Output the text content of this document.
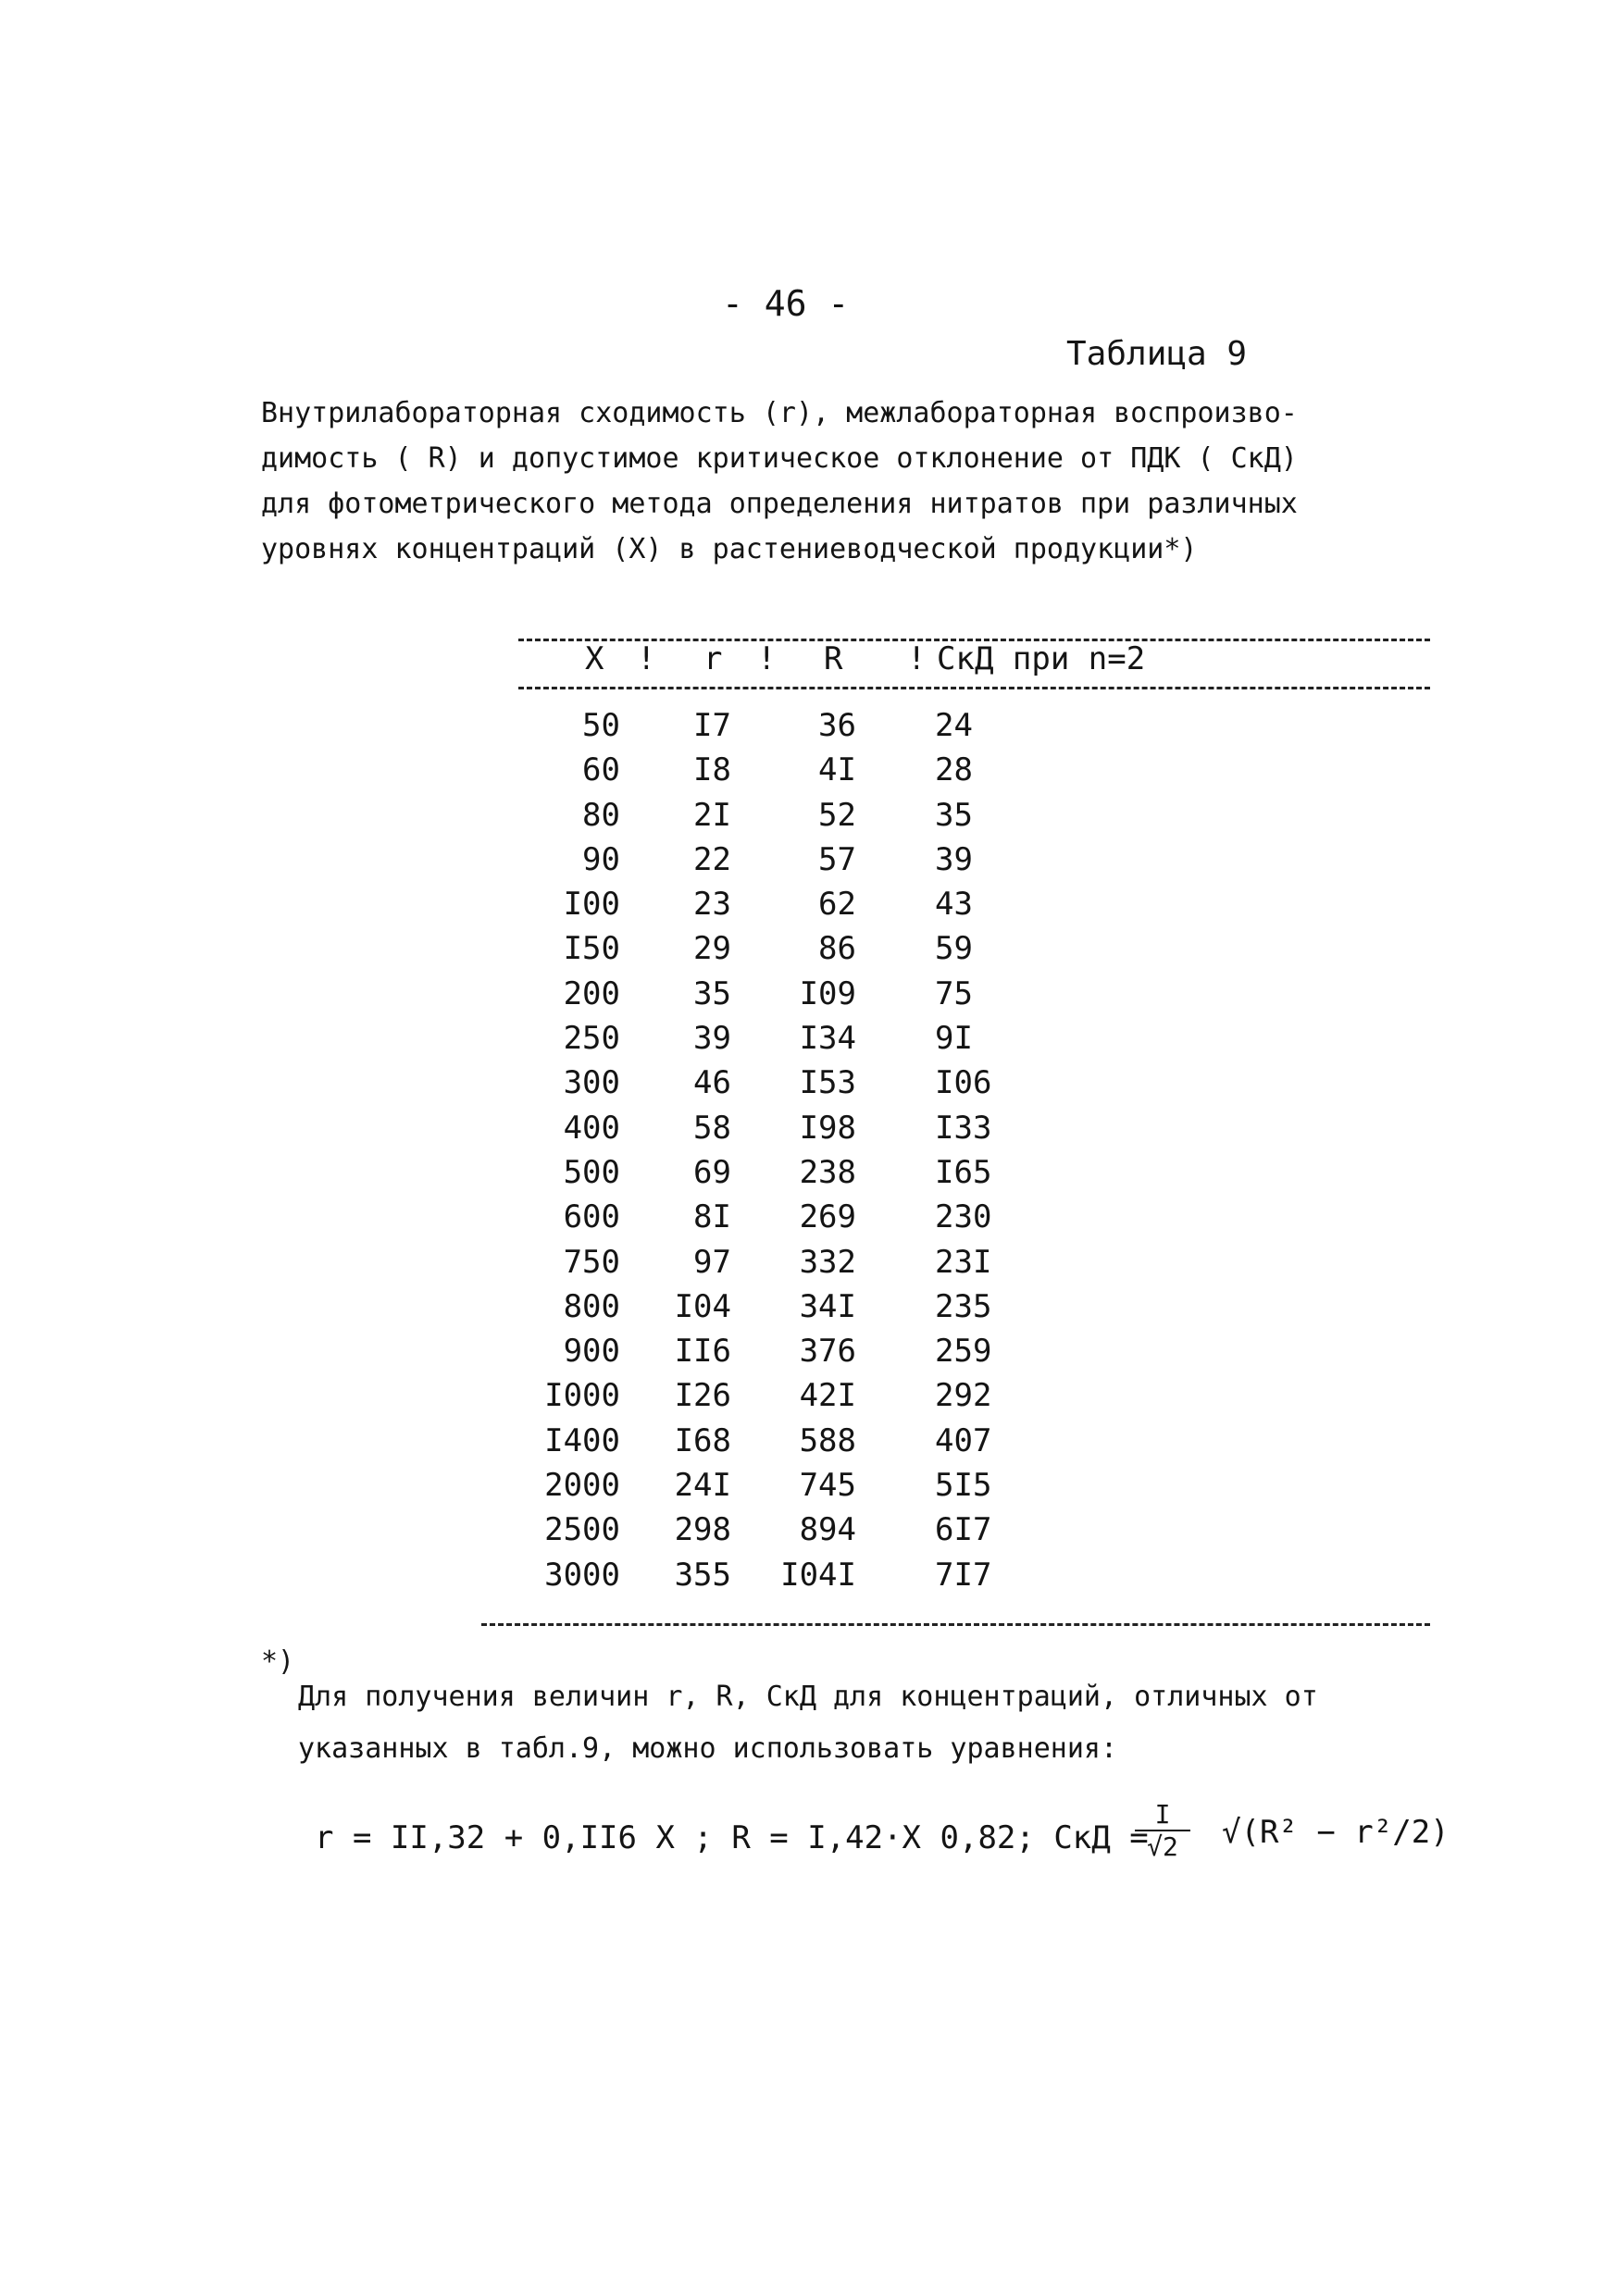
- 46 -
Таблица 9
Внутрилабораторная сходимость (r), межлабораторная воспроизво-
димость ( R) и допустимое критическое отклонение от ПДК ( СкД)
для фотометрического метода определения нитратов при различных
уровнях концентраций (X) в растениеводческой продукции*)
X ! r ! R ! СкД при n=2
50
60
80
90
I00
I50
200
250
300
400
500
600
750
800
900
I000
I400
2000
2500
3000
I7
I8
2I
22
23
29
35
39
46
58
69
8I
97
I04
II6
I26
I68
24I
298
355
36
4I
52
57
62
86
I09
I34
I53
I98
238
269
332
34I
376
42I
588
745
894
I04I
24
28
35
39
43
59
75
9I
I06
I33
I65
230
23I
235
259
292
407
5I5
6I7
7I7
*)
Для получения величин r, R, СкД для концентраций, отличных от
указанных в табл.9, можно использовать уравнения:
r = II,32 + 0,II6 X ; R = I,42·X 0,82; СкД =
$\frac{I}{√2} √(R^2 - r^2/2)$
